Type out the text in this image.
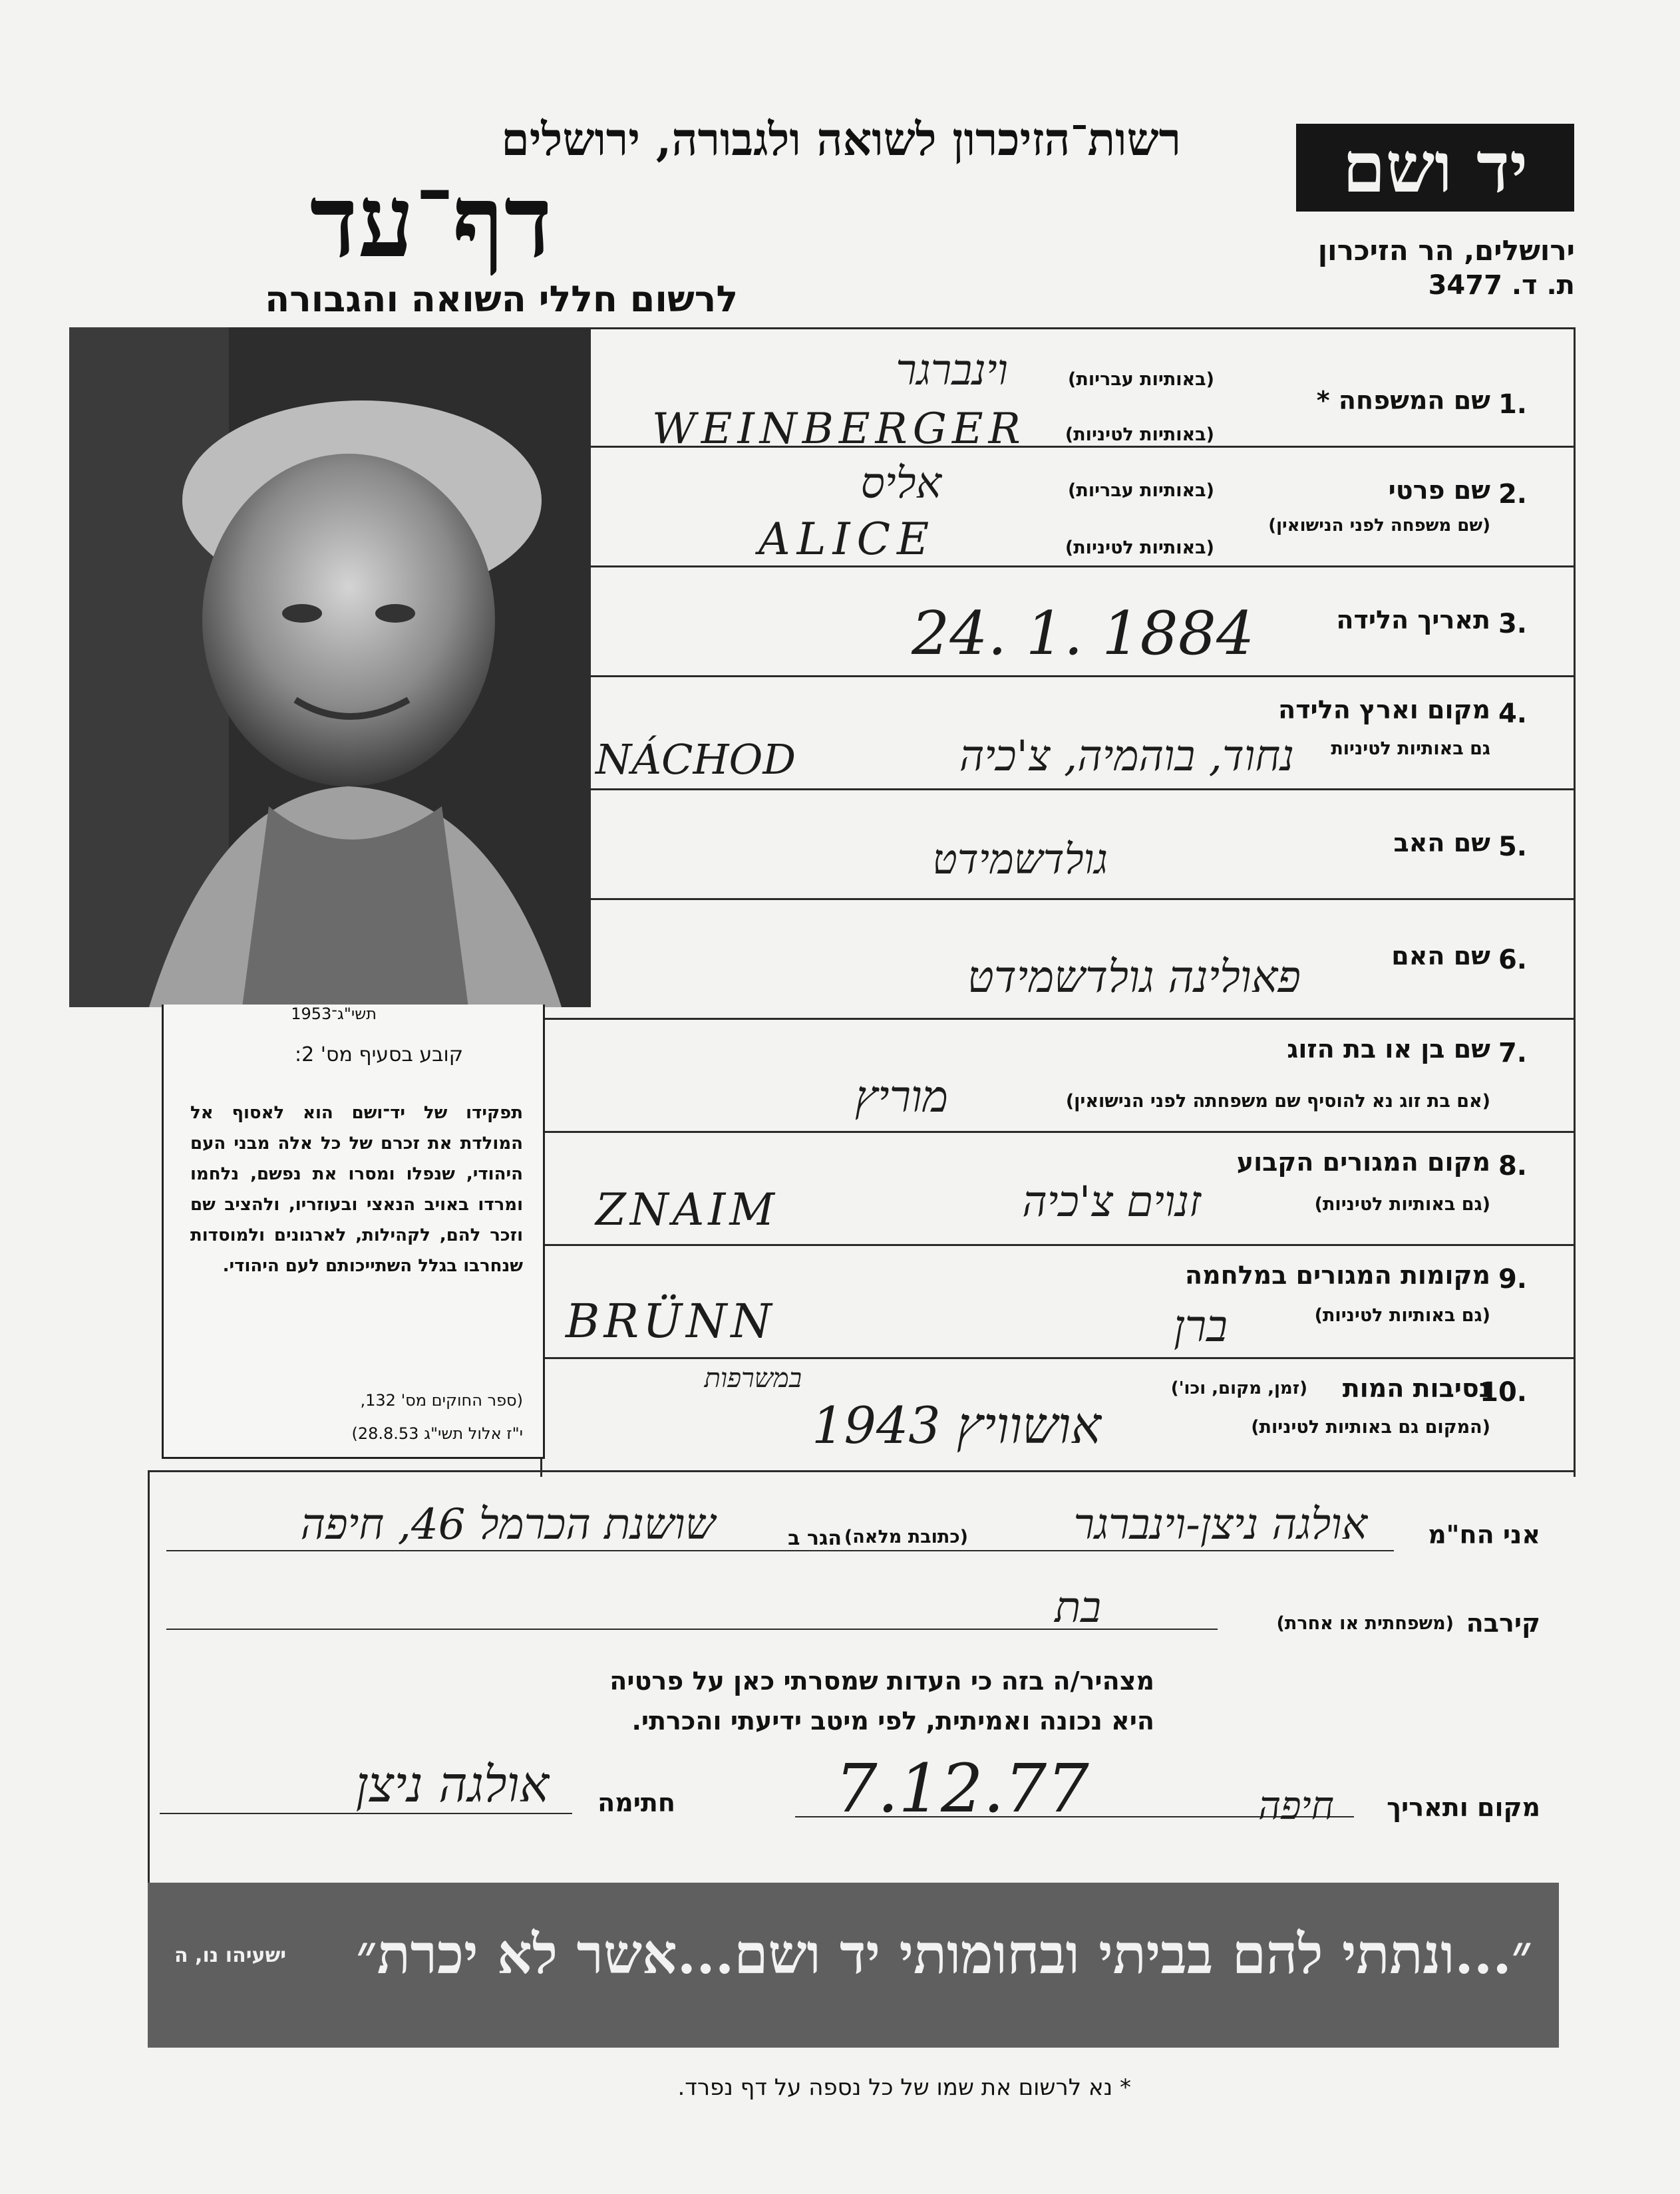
יד ושם
ירושלים, הר הזיכרון
ת. ד. 3477
רשות־הזיכרון לשואה ולגבורה, ירושלים
דף־עד
לרשום חללי השואה והגבורה
תשי"ג־1953
קובע בסעיף מס' 2:
תפקידו של יד־ושם הוא לאסוף אל המולדת את זכרם של כל אלה מבני העם היהודי, שנפלו ומסרו את נפשם, נלחמו ומרדו באויב הנאצי ובעוזריו, ולהציב שם וזכר להם, לקהילות, לארגונים ולמוסדות שנחרבו בגלל השתייכותם לעם היהודי.
(ספר החוקים מס' 132,
י"ז אלול תשי"ג 28.8.53)
1.
שם המשפחה *
(באותיות עבריות)
(באותיות לטיניות)
וינברגר
WEINBERGER
2.
שם פרטי
(שם משפחה לפני הנישואין)
(באותיות עבריות)
(באותיות לטיניות)
אליס
ALICE
3.
תאריך הלידה
24. 1. 1884
4.
מקום וארץ הלידה
גם באותיות לטיניות
נחוד, בוהמיה, צ'כיה
NÁCHOD
5.
שם האב
גולדשמידט
6.
שם האם
פאולינה גולדשמידט
7.
שם בן או בת הזוג
(אם בת זוג נא להוסיף שם משפחתה לפני הנישואין)
מוריץ
8.
מקום המגורים הקבוע
(גם באותיות לטיניות)
זנוים צ'כיה
ZNAIM
9.
מקומות המגורים במלחמה
(גם באותיות לטיניות)
ברן
BRÜNN
10.
נסיבות המות
(זמן, מקום, וכו')
(המקום גם באותיות לטיניות)
אושוויץ 1943
במשרפות
אני הח"מ
אולגה ניצן-וינברגר
(כתובת מלאה)
הגר ב
שושנת הכרמל 46, חיפה
קירבה
(משפחתית או אחרת)
בת
מצהיר/ה בזה כי העדות שמסרתי כאן על פרטיה
היא נכונה ואמיתית, לפי מיטב ידיעתי והכרתי.
מקום ותאריך
חיפה
7.12.77
חתימה
אולגה ניצן
״...ונתתי להם בביתי ובחומותי יד ושם...אשר לא יכרת״
ישעיהו נו, ה
* נא לרשום את שמו של כל נספה על דף נפרד.
